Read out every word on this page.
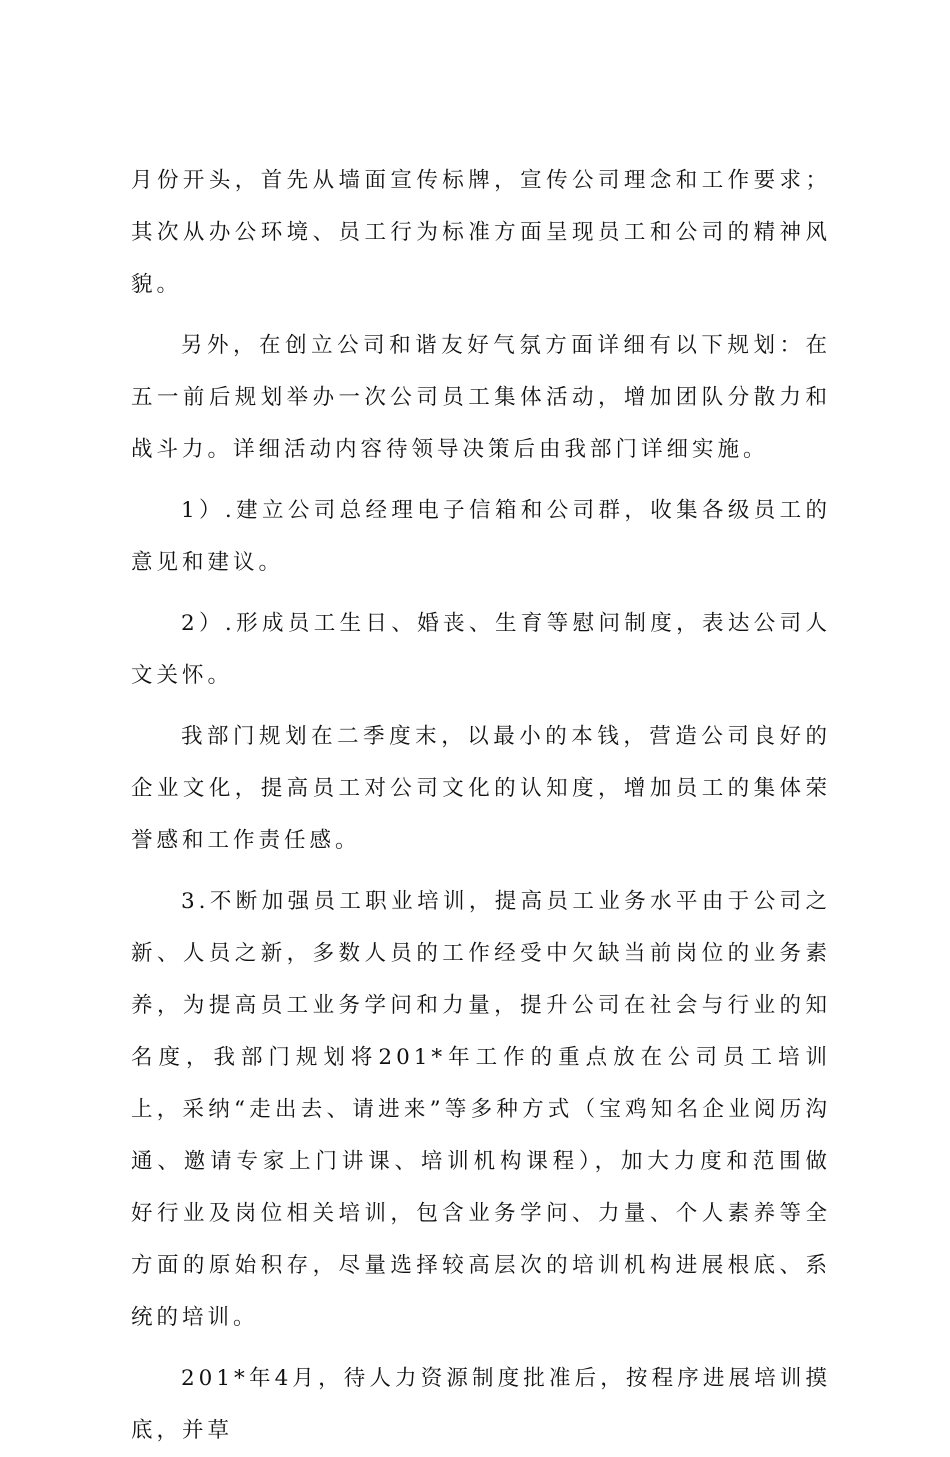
月份开头，首先从墙面宣传标牌，宣传公司理念和工作要求；其次从办公环境、员工行为标准方面呈现员工和公司的精神风貌。

另外，在创立公司和谐友好气氛方面详细有以下规划：在五一前后规划举办一次公司员工集体活动，增加团队分散力和战斗力。详细活动内容待领导决策后由我部门详细实施。

1）.建立公司总经理电子信箱和公司群，收集各级员工的意见和建议。

2）.形成员工生日、婚丧、生育等慰问制度，表达公司人文关怀。

我部门规划在二季度末，以最小的本钱，营造公司良好的企业文化，提高员工对公司文化的认知度，增加员工的集体荣誉感和工作责任感。

3.不断加强员工职业培训，提高员工业务水平由于公司之新、人员之新，多数人员的工作经受中欠缺当前岗位的业务素养，为提高员工业务学问和力量，提升公司在社会与行业的知名度，我部门规划将201*年工作的重点放在公司员工培训上，采纳“走出去、请进来”等多种方式（宝鸡知名企业阅历沟通、邀请专家上门讲课、培训机构课程），加大力度和范围做好行业及岗位相关培训，包含业务学问、力量、个人素养等全方面的原始积存，尽量选择较高层次的培训机构进展根底、系统的培训。

201*年4月，待人力资源制度批准后，按程序进展培训摸底，并草
